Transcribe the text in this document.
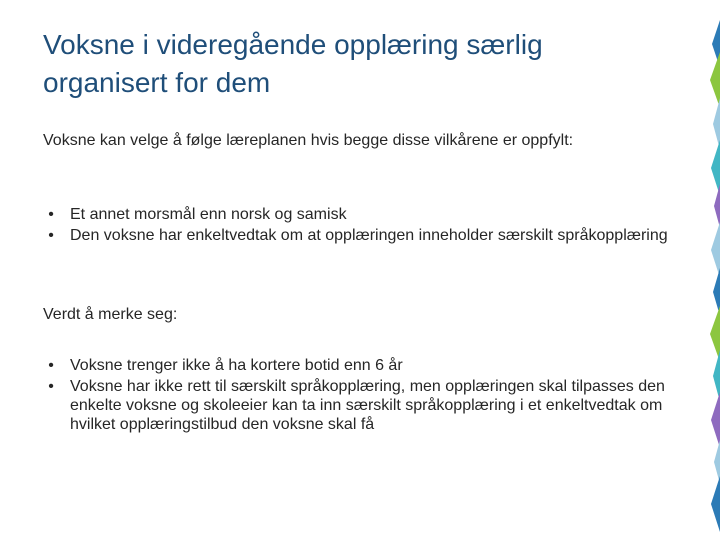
Voksne i videregående opplæring særlig organisert for dem

Voksne kan velge å følge læreplanen hvis begge disse vilkårene er oppfylt:

•	Et annet morsmål enn norsk og samisk
•	Den voksne har enkeltvedtak om at opplæringen inneholder særskilt språkopplæring

Verdt å merke seg:

•	Voksne trenger ikke å ha kortere botid enn 6 år
•	Voksne har ikke rett til særskilt språkopplæring, men opplæringen skal tilpasses den enkelte voksne og skoleeier kan ta inn særskilt språkopplæring i et enkeltvedtak om hvilket opplæringstilbud den voksne skal få
